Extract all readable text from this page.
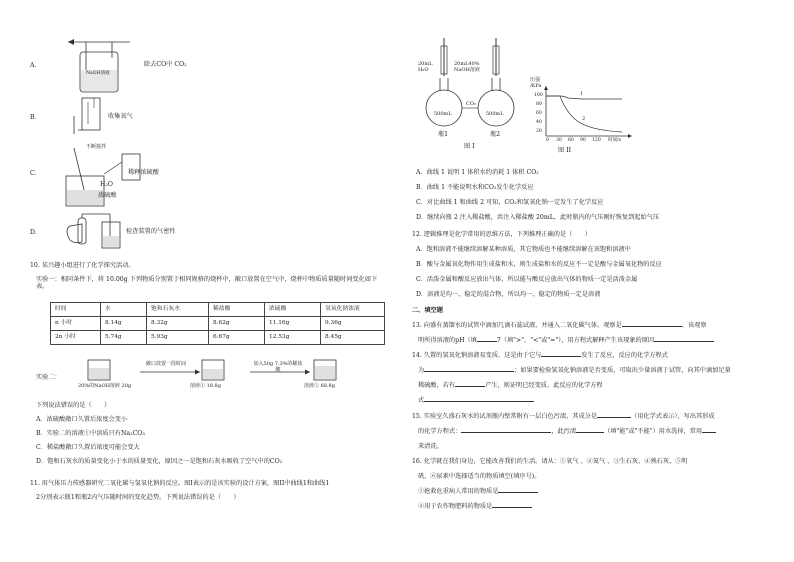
A．
NaOH溶液
除去CO中 CO₂
B．	收集氧气
C．
不断搅拌
稀释浓硫酸
H₂O
浓硫酸
D．	检查装置的气密性
10. 某兴趣小组进行了化学探究活动。
实验一：相同条件下，将 10.00g 下列物质分别置于相同规格的烧杯中，敞口放置在空气中，烧杯中物质质量随时间变化如下表。
时间	水	饱和石灰水	稀盐酸	浓硫酸	氢氧化钠浓液
n 小时	8.14g	8.32g	8.62g	11.16g	9.36g
2n 小时	5.74g	5.93g	6.67g	12.53g	8.45g
实验二：
20%的NaOH溶液 20g
敞口放置一段时间
溶液① 18.8g
加入50g 7.3%的稀盐酸
溶液② 68.8g
下列说法错误的是（　　）
A．浓硫酸敞口久置后浓度会变小
B．实验二的溶液①中溶质只有Na₂CO₃
C．稀盐酸敞口久置后浓度可能会变大
D．饱和石灰水的质量变化小于水的质量变化，原因之一是饱和石灰水吸收了空气中的CO₂
11. 用气体压力传感器研究二氧化碳与氢氧化钠的反应。图I表示的是该实验的设计方案，图II中曲线1和曲线1
2分别表示瓶1和瓶2内气压随时间的变化趋势。下列说法错误的是（　　）
20mL H₂O
20mL40% NaOH溶液
500mL	500mL
CO₂
瓶1	瓶2
图 I
压强 /KPa
100
80
60
40
20
0 30 60 90 120 时间/s
1
2
图 II
A．曲线 1 说明 1 体积水约消耗 1 体积 CO₂
B．曲线 1 不能说明水和CO₂发生化学反应
C．对比曲线 1 和曲线 2 可知，CO₂和氢氧化钠一定发生了化学反应
D．继续向瓶 2 注入稀盐酸，共注入稀盐酸 20mL，此时瓶内的气压刚好恢复到起始气压
12. 逻辑推理是化学常用的思维方法，下列推理正确的是（　　）
A．饱和溶液不能继续溶解某种溶质，其它物质也不能继续溶解在该饱和溶液中
B．酸与金属氧化物作用生成盐和水，则生成盐和水的反应不一定是酸与金属氧化物的反应
C．活泼金属和酸反应放出气体，所以能与酸反应放出气体的物质一定是活泼金属
D．溶液是均一、稳定的混合物，所以均一、稳定的物质一定是溶液
二、填空题
13. 向盛有蒸馏水的试管中滴加几滴石蕊试液，并通入二氧化碳气体，观察是	，该观察
明所得溶液的pH（填	7（填">"、"<"或"="），用方程式解释产生该现象的原因
14. 久置的氢氧化钠溶液易变质，这是由于它与	发生了反应，反应的化学方程式
为	；如果要检验氢氧化钠溶液是否变质，可取出少量溶液于试管，向其中滴加足量
稀硫酸，若有	产生，则证明已经变质，此反应的化学方程
式
15. 实验室久盛石灰水的试剂瓶内壁常附有一层白色污渍，其成分是	（用化学式表示），写出其形成
的化学方程式：	，此污渍	（填"能"或"不能"）用水洗掉，常用
来清洗。
16. 化学就在我们身边，它能改善我们的生活。请从：①氧气 、②氮气 、③生石灰、④熟石灰、⑤明
矾、⑥尿素中选择适当的物质填空(填序号)。
①抢救危重病人常用的物质是
②用于农作物肥料的物质是
